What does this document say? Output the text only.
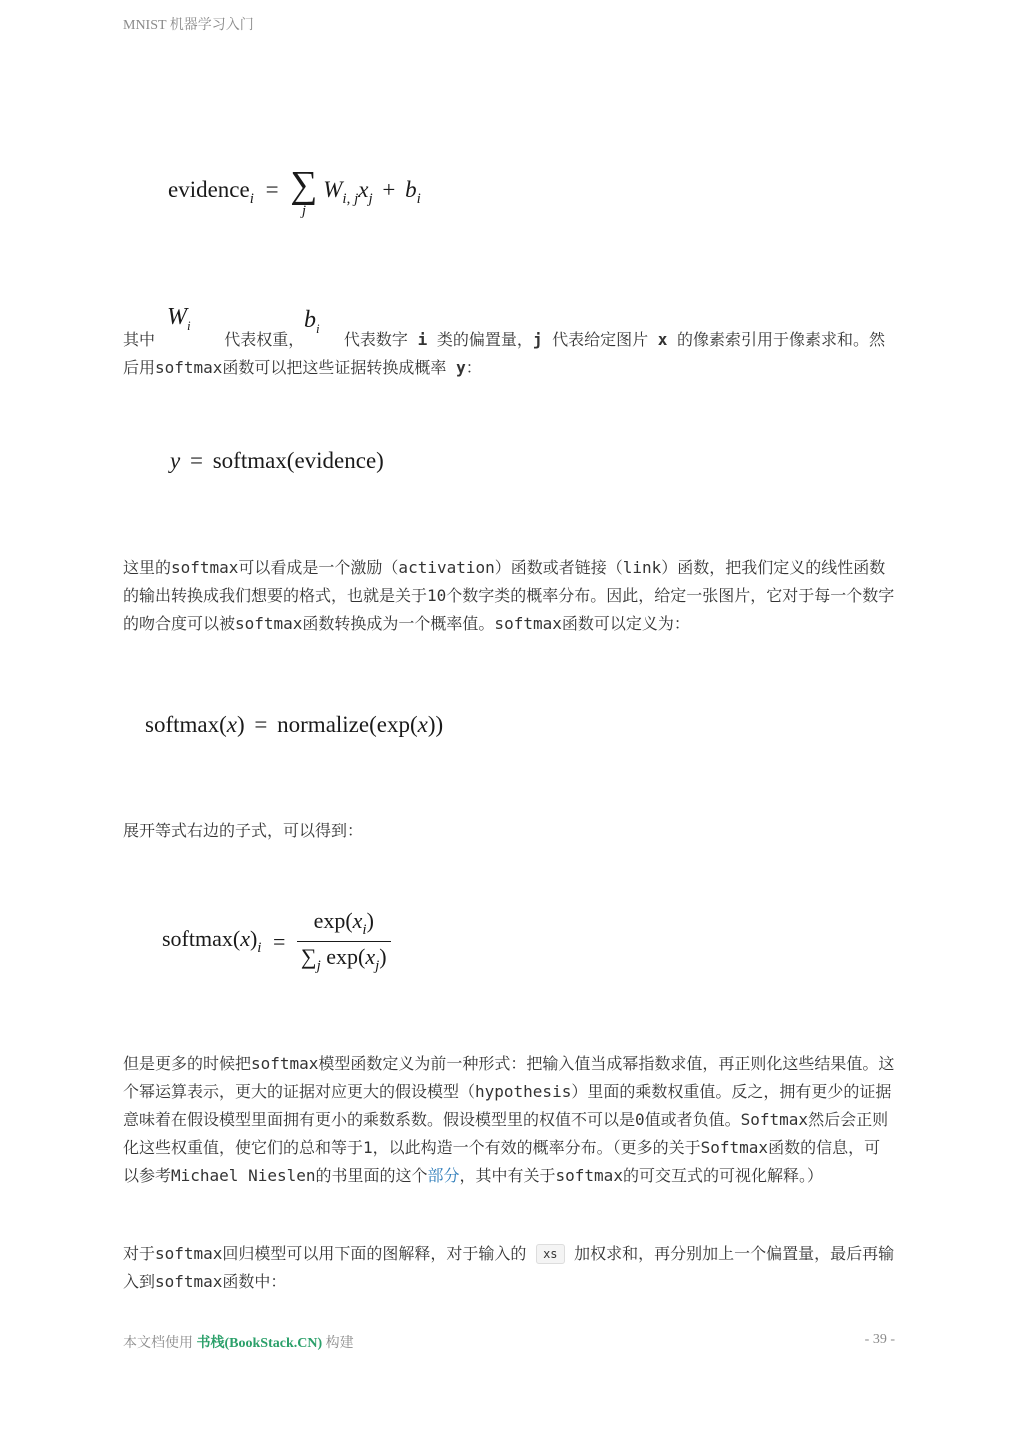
MNIST 机器学习入门
evidence$_i$ = ∑
j
$W_{i, j}x_j + b_i$
$W_i$	$b_i$
其中	代表权重， 代表数字 i 类的偏置量，j 代表给定图片 x 的像素索引用于像素求和。然后用softmax函数可以把这些证据转换成概率 y：
y = softmax(evidence)
这里的softmax可以看成是一个激励（activation）函数或者链接（link）函数，把我们定义的线性函数的输出转换成我们想要的格式，也就是关于10个数字类的概率分布。因此，给定一张图片，它对于每一个数字的吻合度可以被softmax函数转换成为一个概率值。softmax函数可以定义为：
softmax(x) = normalize(exp(x))
展开等式右边的子式，可以得到：
$softmax(x)_i = \frac{\exp(x_i)}{\sum_j \exp(x_j)}$
但是更多的时候把softmax模型函数定义为前一种形式：把输入值当成幂指数求值，再正则化这些结果值。这个幂运算表示，更大的证据对应更大的假设模型（hypothesis）里面的乘数权重值。反之，拥有更少的证据意味着在假设模型里面拥有更小的乘数系数。假设模型里的权值不可以是0值或者负值。Softmax然后会正则化这些权重值，使它们的总和等于1，以此构造一个有效的概率分布。（更多的关于Softmax函数的信息，可以参考Michael Nieslen的书里面的这个部分，其中有关于softmax的可交互式的可视化解释。）
对于softmax回归模型可以用下面的图解释，对于输入的 xs 加权求和，再分别加上一个偏置量，最后再输入到softmax函数中：
本文档使用 书栈(BookStack.CN) 构建	- 39 -
